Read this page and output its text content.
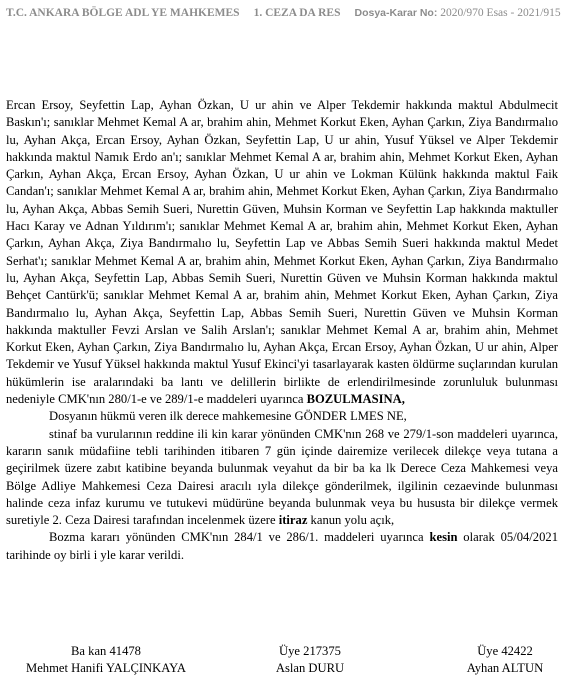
T.C. ANKARA BÖLGE ADL YE MAHKEMES 1. CEZA DA RES Dosya-Karar No: 2020/970 Esas - 2021/915

Ercan Ersoy, Seyfettin Lap, Ayhan Özkan, U ur ahin ve Alper Tekdemir hakkında maktul Abdulmecit Baskın'ı; sanıklar Mehmet Kemal A ar, brahim ahin, Mehmet Korkut Eken, Ayhan Çarkın, Ziya Bandırmalıo lu, Ayhan Akça, Ercan Ersoy, Ayhan Özkan, Seyfettin Lap, U ur ahin, Yusuf Yüksel ve Alper Tekdemir hakkında maktul Namık Erdo an'ı; sanıklar Mehmet Kemal A ar, brahim ahin, Mehmet Korkut Eken, Ayhan Çarkın, Ayhan Akça, Ercan Ersoy, Ayhan Özkan, U ur ahin ve Lokman Külünk hakkında maktul Faik Candan'ı; sanıklar Mehmet Kemal A ar, brahim ahin, Mehmet Korkut Eken, Ayhan Çarkın, Ziya Bandırmalıo lu, Ayhan Akça, Abbas Semih Sueri, Nurettin Güven, Muhsin Korman ve Seyfettin Lap hakkında maktuller Hacı Karay ve Adnan Yıldırım'ı; sanıklar Mehmet Kemal A ar, brahim ahin, Mehmet Korkut Eken, Ayhan Çarkın, Ayhan Akça, Ziya Bandırmalıo lu, Seyfettin Lap ve Abbas Semih Sueri hakkında maktul Medet Serhat'ı; sanıklar Mehmet Kemal A ar, brahim ahin, Mehmet Korkut Eken, Ayhan Çarkın, Ziya Bandırmalıo lu, Ayhan Akça, Seyfettin Lap, Abbas Semih Sueri, Nurettin Güven ve Muhsin Korman hakkında maktul Behçet Cantürk'ü; sanıklar Mehmet Kemal A ar, brahim ahin, Mehmet Korkut Eken, Ayhan Çarkın, Ziya Bandırmalıo lu, Ayhan Akça, Seyfettin Lap, Abbas Semih Sueri, Nurettin Güven ve Muhsin Korman hakkında maktuller Fevzi Arslan ve Salih Arslan'ı; sanıklar Mehmet Kemal A ar, brahim ahin, Mehmet Korkut Eken, Ayhan Çarkın, Ziya Bandırmalıo lu, Ayhan Akça, Ercan Ersoy, Ayhan Özkan, U ur ahin, Alper Tekdemir ve Yusuf Yüksel hakkında maktul Yusuf Ekinci'yi tasarlayarak kasten öldürme suçlarından kurulan hükümlerin ise aralarındaki ba lantı ve delillerin birlikte de erlendirilmesinde zorunluluk bulunması nedeniyle CMK'nın 280/1-e ve 289/1-e maddeleri uyarınca BOZULMASINA,

Dosyanın hükmü veren ilk derece mahkemesine GÖNDER LMES NE,

stinaf ba vurularının reddine ili kin karar yönünden CMK'nın 268 ve 279/1-son maddeleri uyarınca, kararın sanık müdafiine tebli tarihinden itibaren 7 gün içinde dairemize verilecek dilekçe veya tutana a geçirilmek üzere zabıt katibine beyanda bulunmak veyahut da bir ba ka lk Derece Ceza Mahkemesi veya Bölge Adliye Mahkemesi Ceza Dairesi aracılı ıyla dilekçe gönderilmek, ilgilinin cezaevinde bulunması halinde ceza infaz kurumu ve tutukevi müdürüne beyanda bulunmak veya bu hususta bir dilekçe vermek suretiyle 2. Ceza Dairesi tarafından incelenmek üzere itiraz kanun yolu açık,

Bozma kararı yönünden CMK'nın 284/1 ve 286/1. maddeleri uyarınca kesin olarak 05/04/2021 tarihinde oy birli i yle karar verildi.

Ba kan 41478
Mehmet Hanifi YALÇINKAYA
Üye 217375
Aslan DURU
Üye 42422
Ayhan ALTUN
